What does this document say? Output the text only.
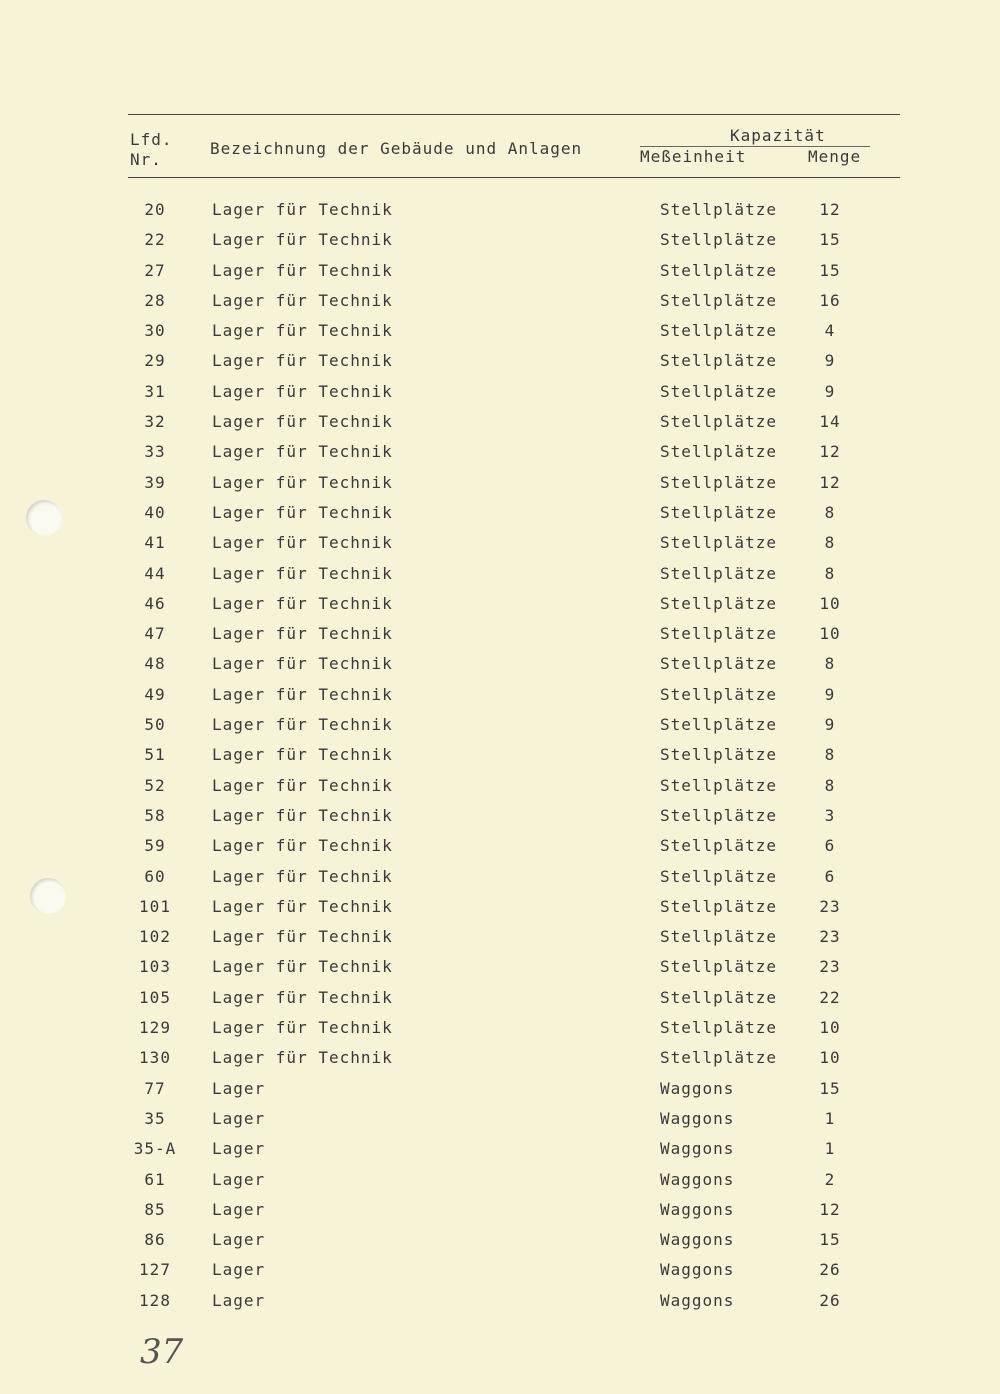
Lfd.
Nr.
Bezeichnung der Gebäude und Anlagen
Kapazität
Meßeinheit	Menge
20	Lager für Technik	Stellplätze	12
22	Lager für Technik	Stellplätze	15
27	Lager für Technik	Stellplätze	15
28	Lager für Technik	Stellplätze	16
30	Lager für Technik	Stellplätze	4
29	Lager für Technik	Stellplätze	9
31	Lager für Technik	Stellplätze	9
32	Lager für Technik	Stellplätze	14
33	Lager für Technik	Stellplätze	12
39	Lager für Technik	Stellplätze	12
40	Lager für Technik	Stellplätze	8
41	Lager für Technik	Stellplätze	8
44	Lager für Technik	Stellplätze	8
46	Lager für Technik	Stellplätze	10
47	Lager für Technik	Stellplätze	10
48	Lager für Technik	Stellplätze	8
49	Lager für Technik	Stellplätze	9
50	Lager für Technik	Stellplätze	9
51	Lager für Technik	Stellplätze	8
52	Lager für Technik	Stellplätze	8
58	Lager für Technik	Stellplätze	3
59	Lager für Technik	Stellplätze	6
60	Lager für Technik	Stellplätze	6
101	Lager für Technik	Stellplätze	23
102	Lager für Technik	Stellplätze	23
103	Lager für Technik	Stellplätze	23
105	Lager für Technik	Stellplätze	22
129	Lager für Technik	Stellplätze	10
130	Lager für Technik	Stellplätze	10
77	Lager	Waggons	15
35	Lager	Waggons	1
35-A	Lager	Waggons	1
61	Lager	Waggons	2
85	Lager	Waggons	12
86	Lager	Waggons	15
127	Lager	Waggons	26
128	Lager	Waggons	26
37
